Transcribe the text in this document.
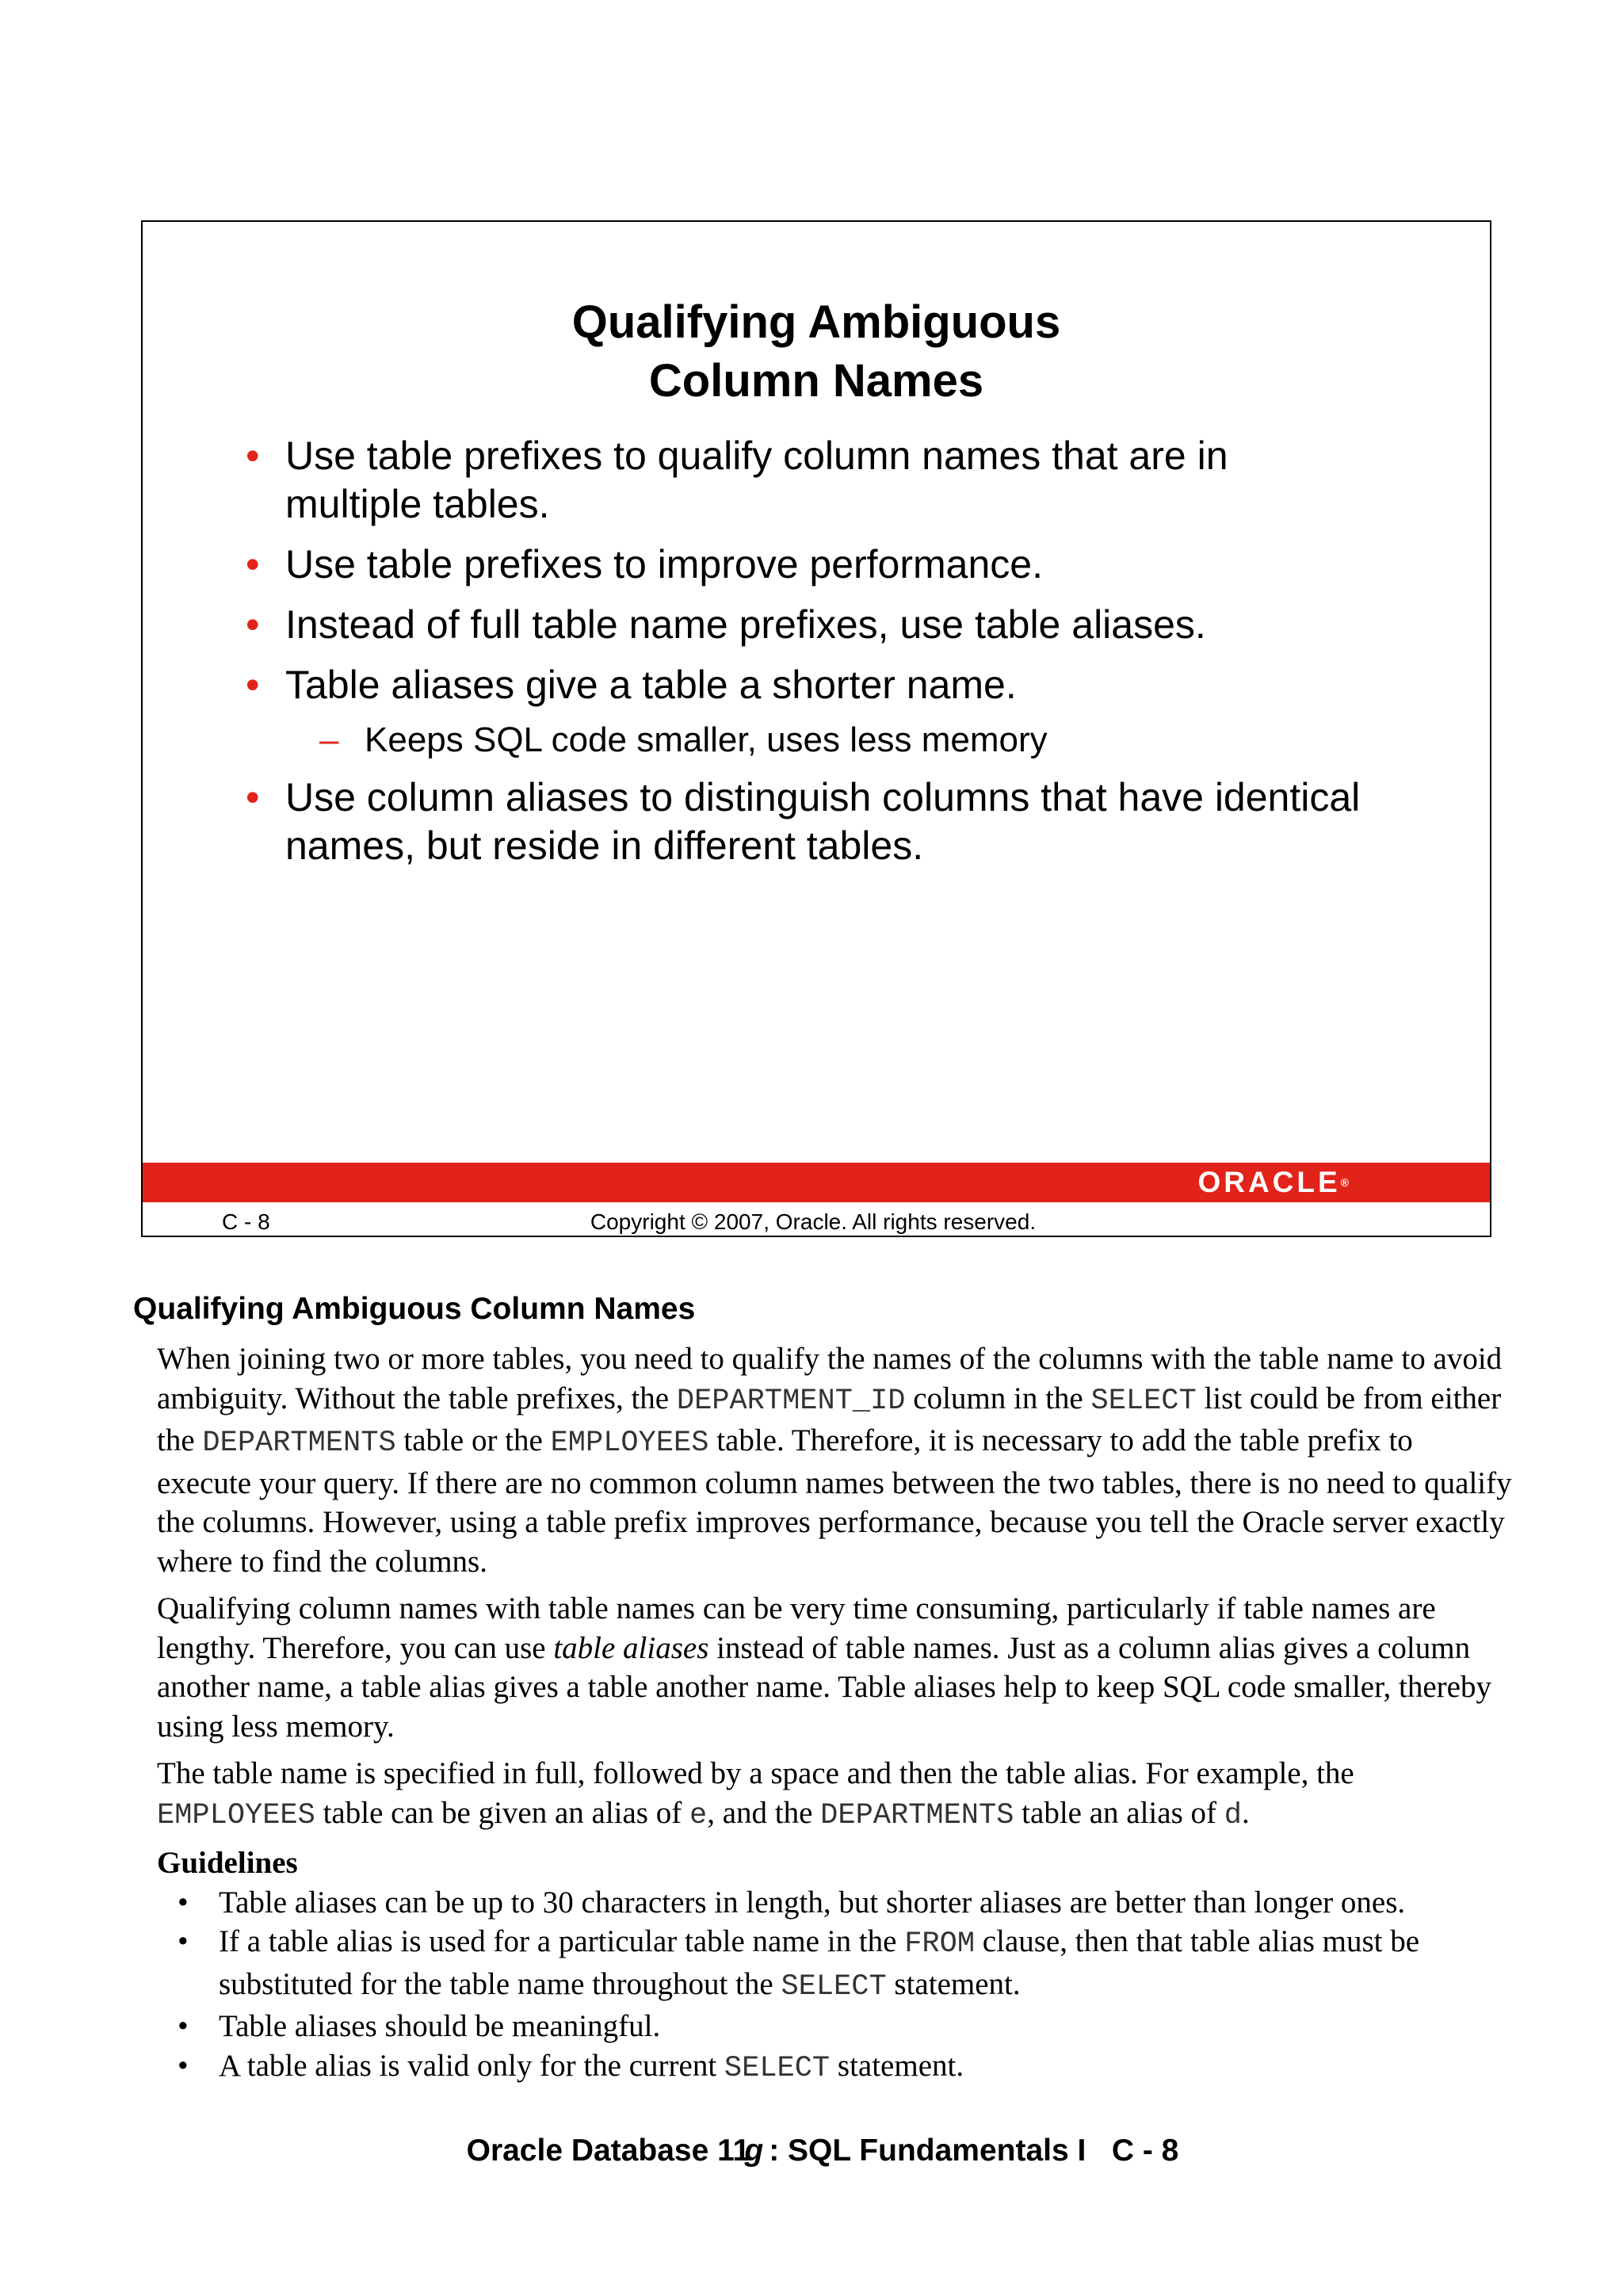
Qualifying Ambiguous
Column Names
• Use table prefixes to qualify column names that are in multiple tables.
• Use table prefixes to improve performance.
• Instead of full table name prefixes, use table aliases.
• Table aliases give a table a shorter name.
– Keeps SQL code smaller, uses less memory
• Use column aliases to distinguish columns that have identical names, but reside in different tables.
ORACLE®
C - 8	Copyright © 2007, Oracle. All rights reserved.
Qualifying Ambiguous Column Names

When joining two or more tables, you need to qualify the names of the columns with the table name to avoid ambiguity. Without the table prefixes, the DEPARTMENT_ID column in the SELECT list could be from either the DEPARTMENTS table or the EMPLOYEES table. Therefore, it is necessary to add the table prefix to execute your query. If there are no common column names between the two tables, there is no need to qualify the columns. However, using a table prefix improves performance, because you tell the Oracle server exactly where to find the columns.

Qualifying column names with table names can be very time consuming, particularly if table names are lengthy. Therefore, you can use table aliases instead of table names. Just as a column alias gives a column another name, a table alias gives a table another name. Table aliases help to keep SQL code smaller, thereby using less memory.

The table name is specified in full, followed by a space and then the table alias. For example, the EMPLOYEES table can be given an alias of e, and the DEPARTMENTS table an alias of d.

Guidelines
• Table aliases can be up to 30 characters in length, but shorter aliases are better than longer ones.
• If a table alias is used for a particular table name in the FROM clause, then that table alias must be substituted for the table name throughout the SELECT statement.
• Table aliases should be meaningful.
• A table alias is valid only for the current SELECT statement.
Oracle Database 11g : SQL Fundamentals I   C - 8
